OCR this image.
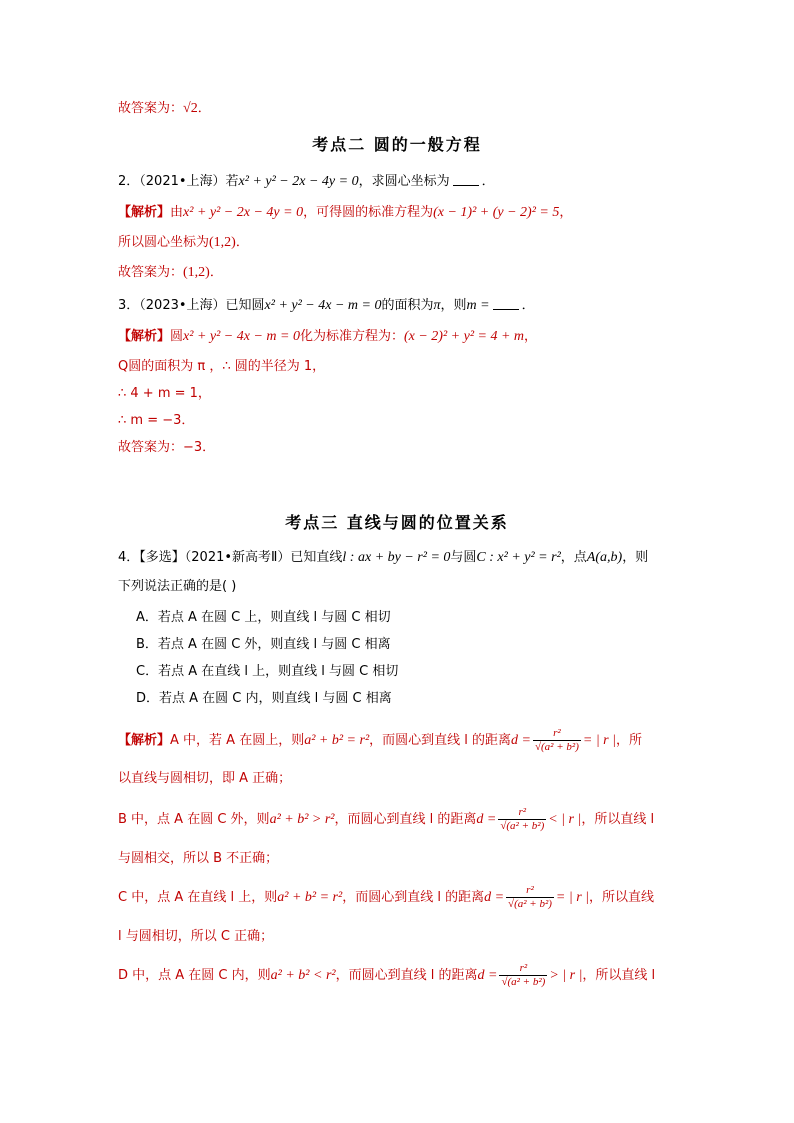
故答案为：√2．
考点二 圆的一般方程
2．（2021•上海）若x² + y² − 2x − 4y = 0，求圆心坐标为 ．
【解析】由x² + y² − 2x − 4y = 0，可得圆的标准方程为(x − 1)² + (y − 2)² = 5，
所以圆心坐标为(1,2)．
故答案为：(1,2)．
3．（2023•上海）已知圆x² + y² − 4x − m = 0的面积为π，则m = ．
【解析】圆x² + y² − 4x − m = 0化为标准方程为：(x − 2)² + y² = 4 + m，
Q圆的面积为 π ，∴ 圆的半径为 1，
∴ 4 + m = 1，
∴ m = −3．
故答案为：−3．
考点三 直线与圆的位置关系
4．【多选】（2021•新高考Ⅱ）已知直线l : ax + by − r² = 0与圆C : x² + y² = r²，点A(a,b)，则
下列说法正确的是( )
A．若点 A 在圆 C 上，则直线 l 与圆 C 相切
B．若点 A 在圆 C 外，则直线 l 与圆 C 相离
C．若点 A 在直线 l 上，则直线 l 与圆 C 相切
D．若点 A 在圆 C 内，则直线 l 与圆 C 相离
【解析】A 中，若 A 在圆上，则a² + b² = r²，而圆心到直线 l 的距离$d = \frac{\text{r²}}{\text{√(a² + b²)}}$ = | r |，所
以直线与圆相切，即 A 正确；
B 中，点 A 在圆 C 外，则a² + b² > r²，而圆心到直线 l 的距离$d = \frac{\text{r²}}{\text{√(a² + b²)}}$ < | r |，所以直线 l
与圆相交，所以 B 不正确；
C 中，点 A 在直线 l 上，则a² + b² = r²，而圆心到直线 l 的距离$d = \frac{\text{r²}}{\text{√(a² + b²)}}$ = | r |，所以直线
l 与圆相切，所以 C 正确；
D 中，点 A 在圆 C 内，则a² + b² < r²，而圆心到直线 l 的距离$d = \frac{\text{r²}}{\text{√(a² + b²)}}$ > | r |，所以直线 l
